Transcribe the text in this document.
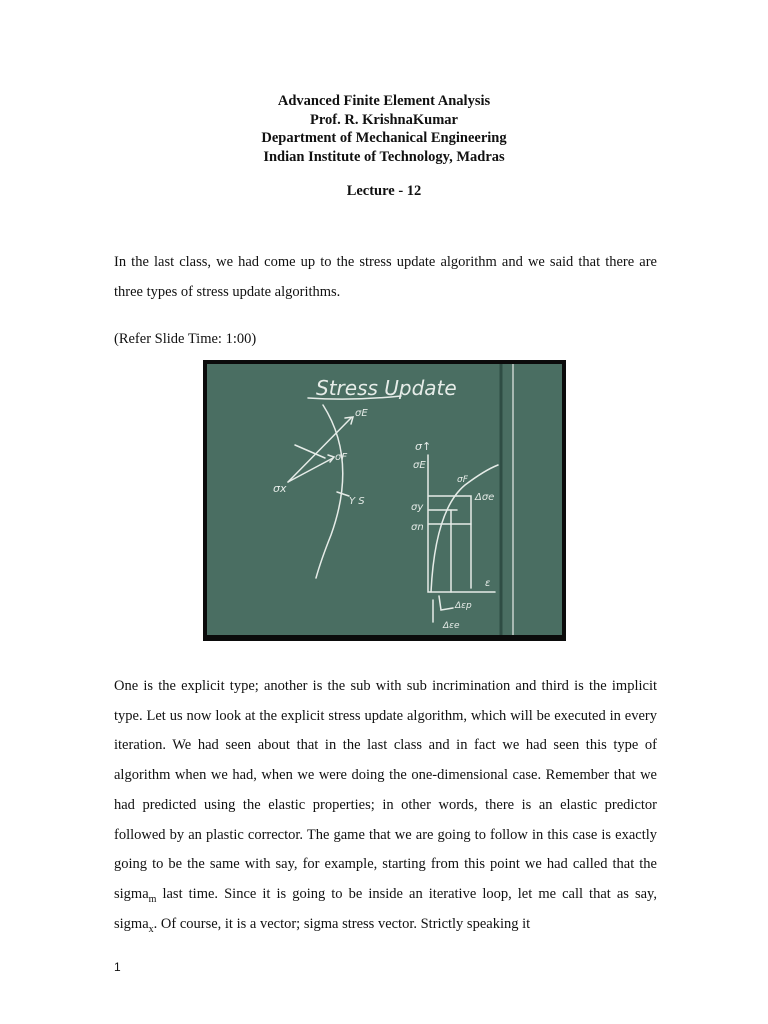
Advanced Finite Element Analysis
Prof. R. KrishnaKumar
Department of Mechanical Engineering
Indian Institute of Technology, Madras
Lecture - 12

In the last class, we had come up to the stress update algorithm and we said that there are three types of stress update algorithms.

(Refer Slide Time: 1:00)
Stress Update
σE
σF
σx
Y S
σ↑
σE
σF
Δσe
σy
σn
ε
Δεp
Δεe

One is the explicit type; another is the sub with sub incrimination and third is the implicit type. Let us now look at the explicit stress update algorithm, which will be executed in every iteration. We had seen about that in the last class and in fact we had seen this type of algorithm when we had, when we were doing the one-dimensional case. Remember that we had predicted using the elastic properties; in other words, there is an elastic predictor followed by an plastic corrector. The game that we are going to follow in this case is exactly going to be the same with say, for example, starting from this point we had called that the sigma$_m$ last time. Since it is going to be inside an iterative loop, let me call that as say, sigma$_x$. Of course, it is a vector; sigma stress vector. Strictly speaking it

1
